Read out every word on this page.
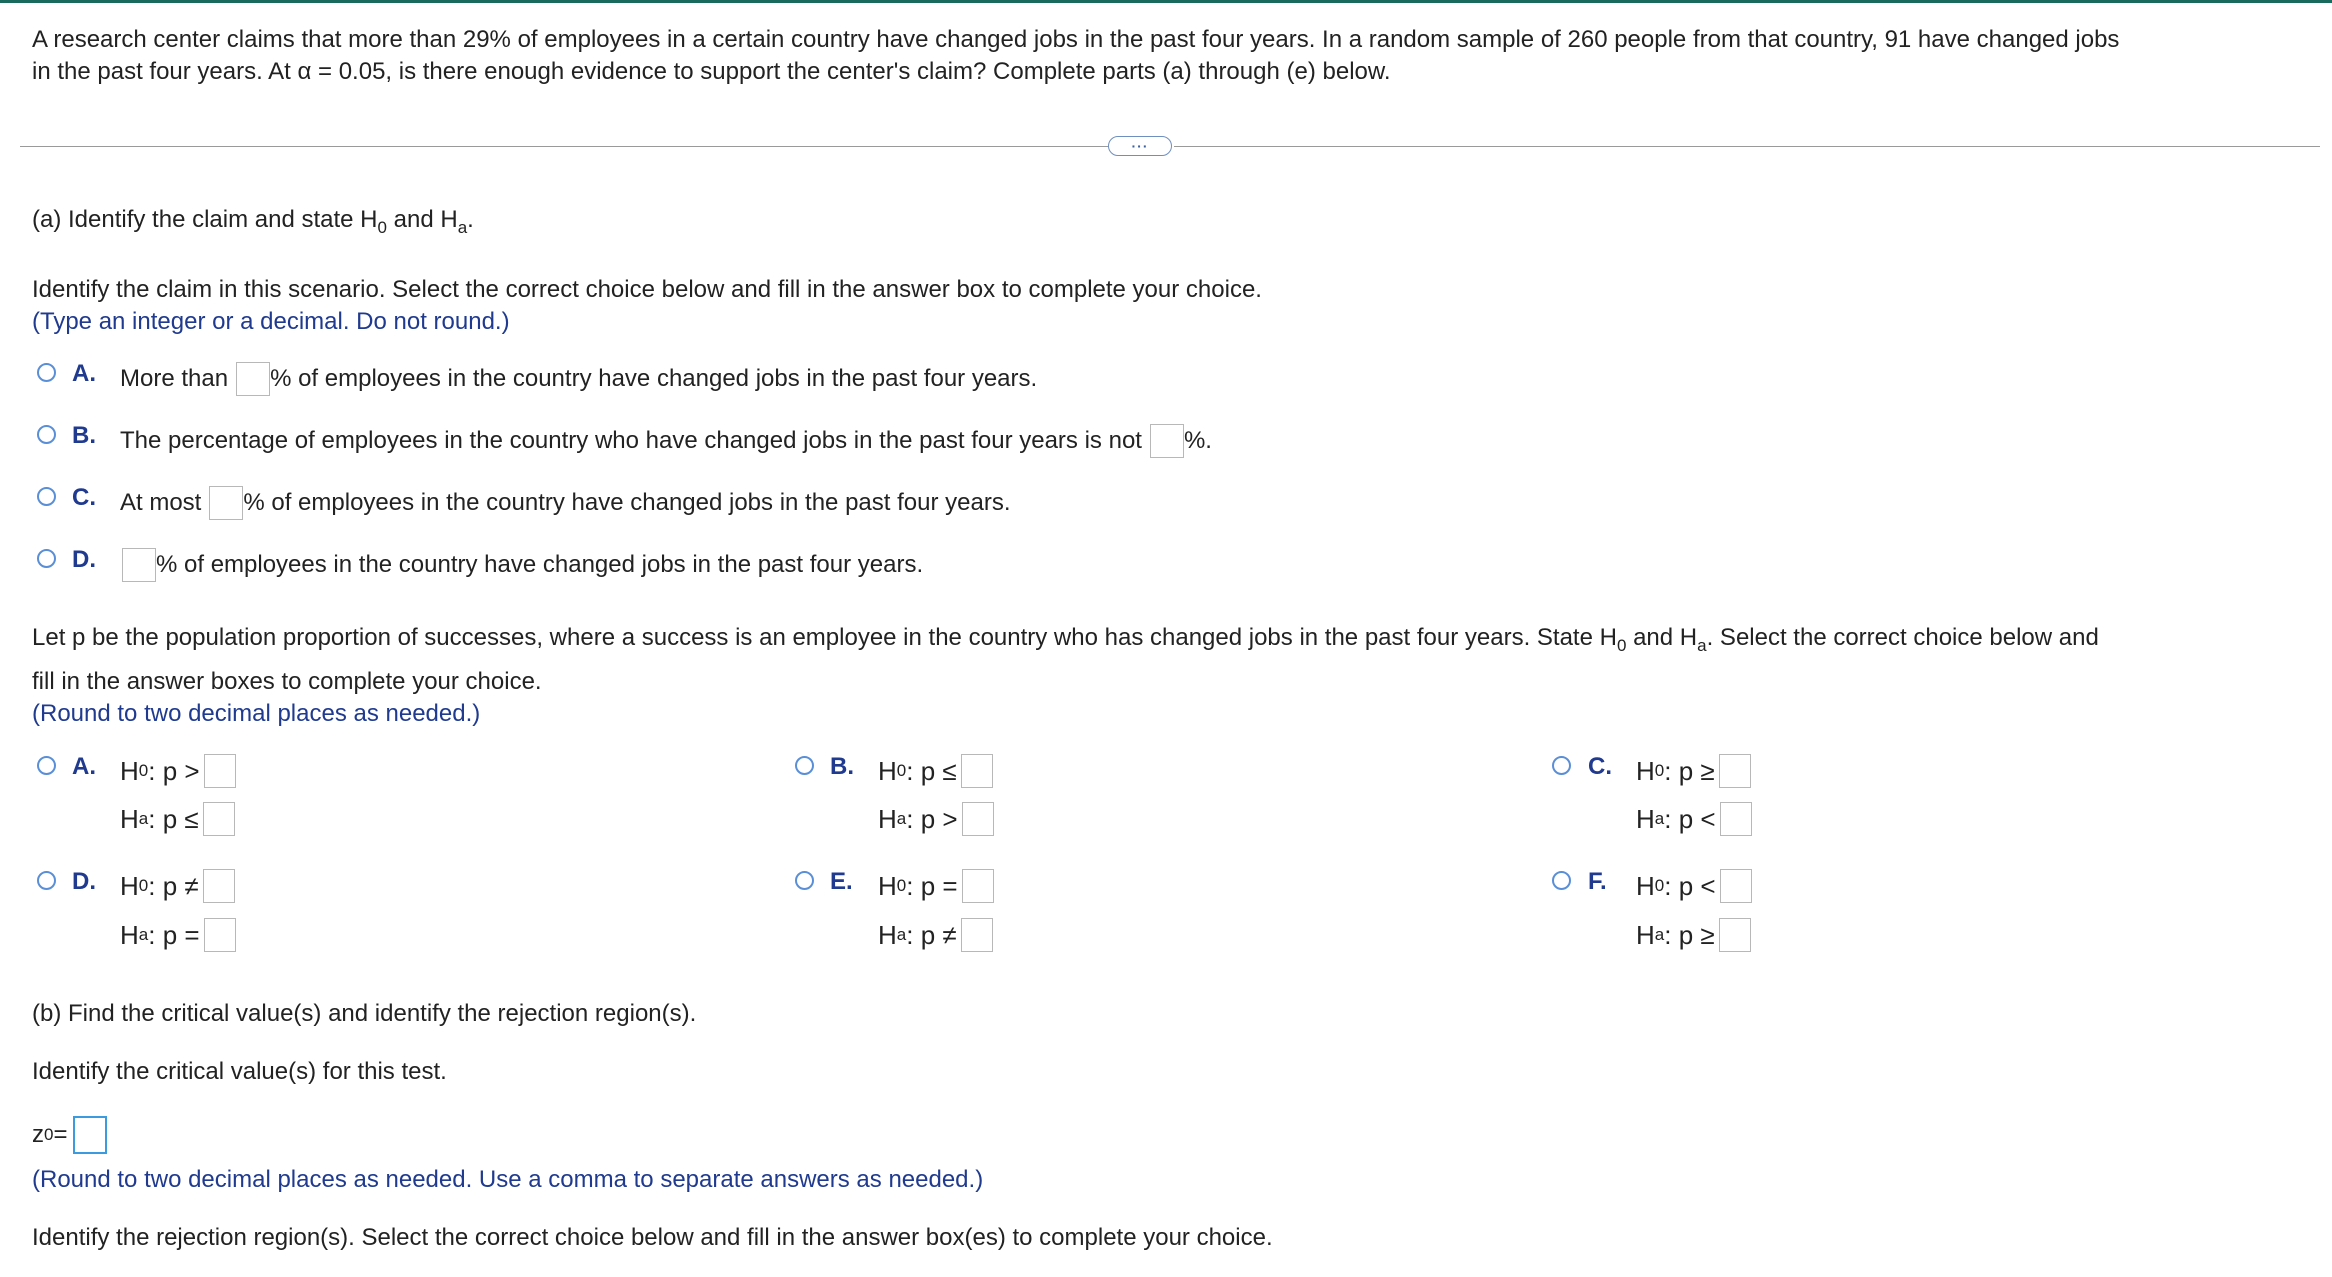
A research center claims that more than 29% of employees in a certain country have changed jobs in the past four years. In a random sample of 260 people from that country, 91 have changed jobs
in the past four years. At α = 0.05, is there enough evidence to support the center's claim? Complete parts (a) through (e) below.
···
(a) Identify the claim and state $H_0$ and $H_a$.
Identify the claim in this scenario. Select the correct choice below and fill in the answer box to complete your choice.
(Type an integer or a decimal. Do not round.)
A. More than % of employees in the country have changed jobs in the past four years.
B. The percentage of employees in the country who have changed jobs in the past four years is not %.
C. At most % of employees in the country have changed jobs in the past four years.
D.	% of employees in the country have changed jobs in the past four years.
Let p be the population proportion of successes, where a success is an employee in the country who has changed jobs in the past four years. State $H_0$ and $H_a$. Select the correct choice below and
fill in the answer boxes to complete your choice.
(Round to two decimal places as needed.)
A. H 0 :
p >
H a :
p ≤
B. H 0 :
p ≤
H a :
p >
C. H 0 :
p ≥
H a :
p <
D. H 0 :
p ≠
H a :
p =
E. H 0 :
p =
H a :
p ≠
F. H 0 :
p <
H a :
p ≥
(b) Find the critical value(s) and identify the rejection region(s).
Identify the critical value(s) for this test.
z 0 =
(Round to two decimal places as needed. Use a comma to separate answers as needed.)
Identify the rejection region(s). Select the correct choice below and fill in the answer box(es) to complete your choice.
